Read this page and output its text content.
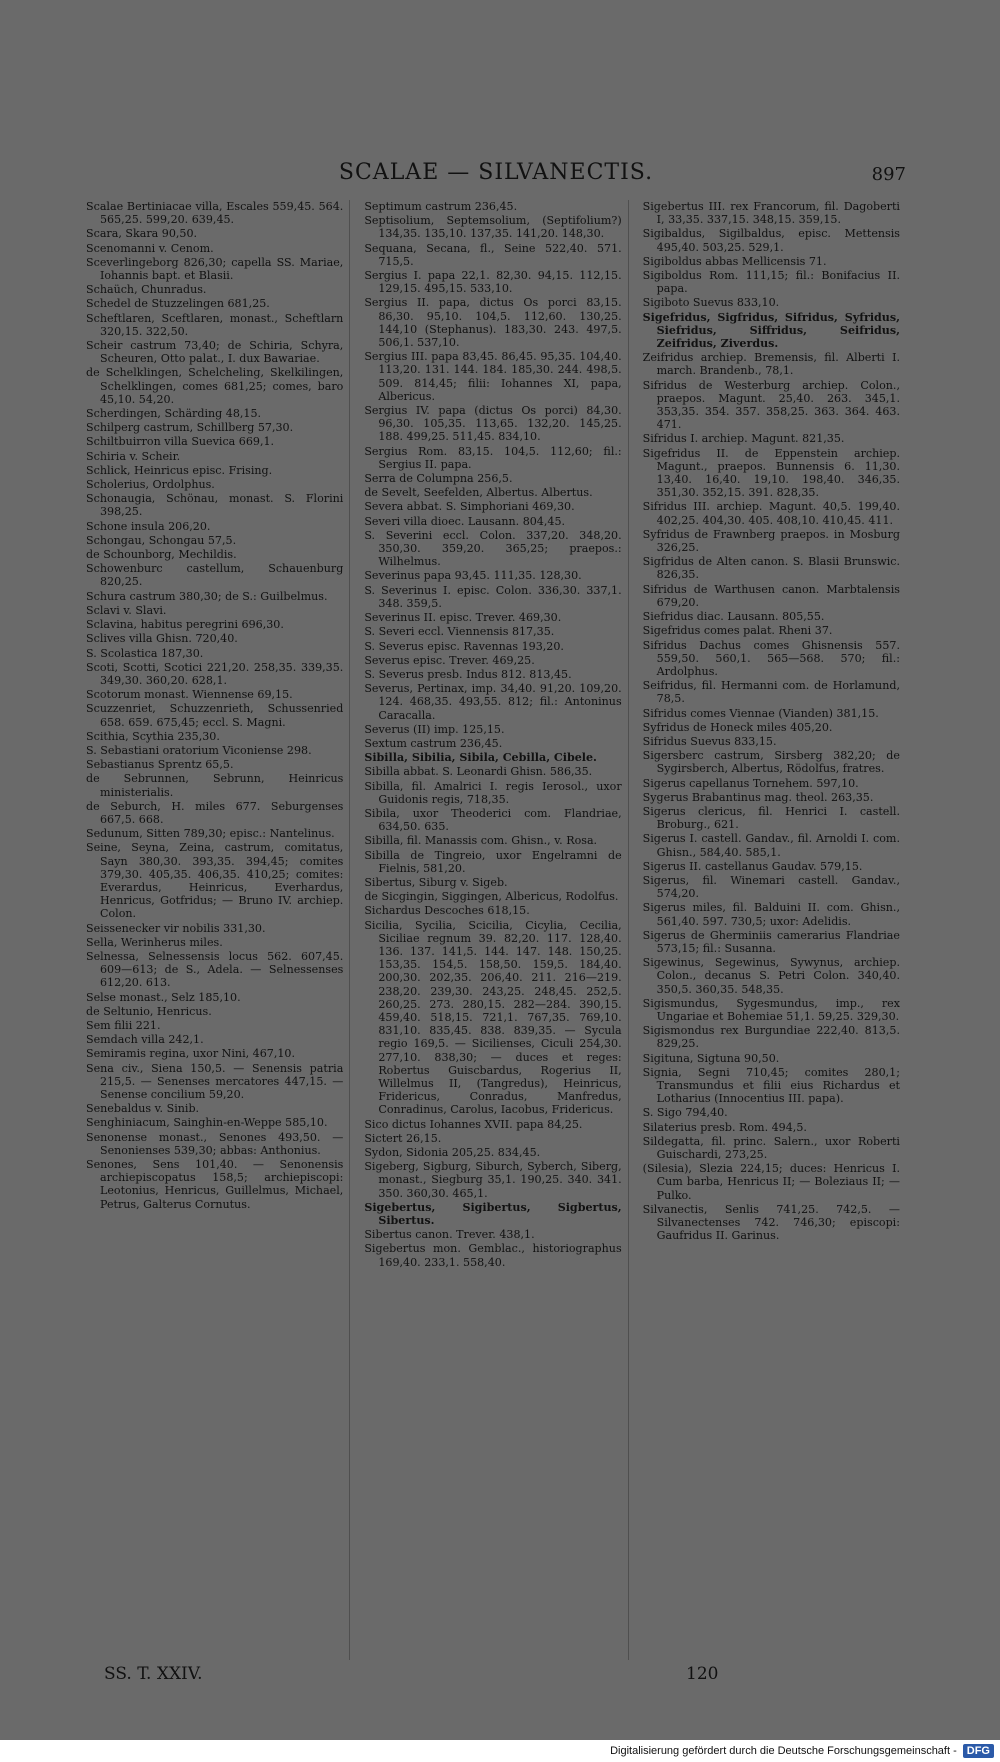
SCALAE — SILVANECTIS.	897

Scalae Bertiniacae villa, Escales 559,45. 564. 565,25. 599,20. 639,45.

Scara, Skara 90,50.

Scenomanni v. Cenom.

Sceverlingeborg 826,30; capella SS. Mariae, Iohannis bapt. et Blasii.

Schaüch, Chunradus.

Schedel de Stuzzelingen 681,25.

Scheftlaren, Sceftlaren, monast., Scheftlarn 320,15. 322,50.

Scheir castrum 73,40; de Schiria, Schyra, Scheuren, Otto palat., I. dux Bawariae.

de Schelklingen, Schelcheling, Skelkilingen, Schelklingen, comes 681,25; comes, baro 45,10. 54,20.

Scherdingen, Schärding 48,15.

Schilperg castrum, Schillberg 57,30.

Schiltbuirron villa Suevica 669,1.

Schiria v. Scheir.

Schlick, Heinricus episc. Frising.

Scholerius, Ordolphus.

Schonaugia, Schönau, monast. S. Florini 398,25.

Schone insula 206,20.

Schongau, Schongau 57,5.

de Schounborg, Mechildis.

Schowenburc castellum, Schauenburg 820,25.

Schura castrum 380,30; de S.: Guilbelmus.

Sclavi v. Slavi.

Sclavina, habitus peregrini 696,30.

Sclives villa Ghisn. 720,40.

S. Scolastica 187,30.

Scoti, Scotti, Scotici 221,20. 258,35. 339,35. 349,30. 360,20. 628,1.

Scotorum monast. Wiennense 69,15.

Scuzzenriet, Schuzzenrieth, Schussenried 658. 659. 675,45; eccl. S. Magni.

Scithia, Scythia 235,30.

S. Sebastiani oratorium Viconiense 298.

Sebastianus Sprentz 65,5.

de Sebrunnen, Sebrunn, Heinricus ministerialis.

de Seburch, H. miles 677. Seburgenses 667,5. 668.

Sedunum, Sitten 789,30; episc.: Nantelinus.

Seine, Seyna, Zeina, castrum, comitatus, Sayn 380,30. 393,35. 394,45; comites 379,30. 405,35. 406,35. 410,25; comites: Everardus, Heinricus, Everhardus, Henricus, Gotfridus; — Bruno IV. archiep. Colon.

Seissenecker vir nobilis 331,30.

Sella, Werinherus miles.

Selnessa, Selnessensis locus 562. 607,45. 609—613; de S., Adela. — Selnessenses 612,20. 613.

Selse monast., Selz 185,10.

de Seltunio, Henricus.

Sem filii 221.

Semdach villa 242,1.

Semiramis regina, uxor Nini, 467,10.

Sena civ., Siena 150,5. — Senensis patria 215,5. — Senenses mercatores 447,15. — Senense concilium 59,20.

Senebaldus v. Sinib.

Senghiniacum, Sainghin-en-Weppe 585,10.

Senonense monast., Senones 493,50. — Senonienses 539,30; abbas: Anthonius.

Senones, Sens 101,40. — Senonensis archiepiscopatus 158,5; archiepiscopi: Leotonius, Henricus, Guillelmus, Michael, Petrus, Galterus Cornutus.

Septimum castrum 236,45.

Septisolium, Septemsolium, (Septifolium?) 134,35. 135,10. 137,35. 141,20. 148,30.

Sequana, Secana, fl., Seine 522,40. 571. 715,5.

Sergius I. papa 22,1. 82,30. 94,15. 112,15. 129,15. 495,15. 533,10.

Sergius II. papa, dictus Os porci 83,15. 86,30. 95,10. 104,5. 112,60. 130,25. 144,10 (Stephanus). 183,30. 243. 497,5. 506,1. 537,10.

Sergius III. papa 83,45. 86,45. 95,35. 104,40. 113,20. 131. 144. 184. 185,30. 244. 498,5. 509. 814,45; filii: Iohannes XI, papa, Albericus.

Sergius IV. papa (dictus Os porci) 84,30. 96,30. 105,35. 113,65. 132,20. 145,25. 188. 499,25. 511,45. 834,10.

Sergius Rom. 83,15. 104,5. 112,60; fil.: Sergius II. papa.

Serra de Columpna 256,5.

de Sevelt, Seefelden, Albertus. Albertus.

Severa abbat. S. Simphoriani 469,30.

Severi villa dioec. Lausann. 804,45.

S. Severini eccl. Colon. 337,20. 348,20. 350,30. 359,20. 365,25; praepos.: Wilhelmus.

Severinus papa 93,45. 111,35. 128,30.

S. Severinus I. episc. Colon. 336,30. 337,1. 348. 359,5.

Severinus II. episc. Trever. 469,30.

S. Severi eccl. Viennensis 817,35.

S. Severus episc. Ravennas 193,20.

Severus episc. Trever. 469,25.

S. Severus presb. Indus 812. 813,45.

Severus, Pertinax, imp. 34,40. 91,20. 109,20. 124. 468,35. 493,55. 812; fil.: Antoninus Caracalla.

Severus (II) imp. 125,15.

Sextum castrum 236,45.

Sibilla, Sibilia, Sibila, Cebilla, Cibele.

Sibilla abbat. S. Leonardi Ghisn. 586,35.

Sibilla, fil. Amalrici I. regis Ierosol., uxor Guidonis regis, 718,35.

Sibila, uxor Theoderici com. Flandriae, 634,50. 635.

Sibilla, fil. Manassis com. Ghisn., v. Rosa.

Sibilla de Tingreio, uxor Engelramni de Fielnis, 581,20.

Sibertus, Siburg v. Sigeb.

de Sicgingin, Siggingen, Albericus, Rodolfus.

Sichardus Descoches 618,15.

Sicilia, Sycilia, Scicilia, Cicylia, Cecilia, Siciliae regnum 39. 82,20. 117. 128,40. 136. 137. 141,5. 144. 147. 148. 150,25. 153,35. 154,5. 158,50. 159,5. 184,40. 200,30. 202,35. 206,40. 211. 216—219. 238,20. 239,30. 243,25. 248,45. 252,5. 260,25. 273. 280,15. 282—284. 390,15. 459,40. 518,15. 721,1. 767,35. 769,10. 831,10. 835,45. 838. 839,35. — Sycula regio 169,5. — Sicilienses, Ciculi 254,30. 277,10. 838,30; — duces et reges: Robertus Guiscbardus, Rogerius II, Willelmus II, (Tangredus), Heinricus, Fridericus, Conradus, Manfredus, Conradinus, Carolus, Iacobus, Fridericus.

Sico dictus Iohannes XVII. papa 84,25.

Sictert 26,15.

Sydon, Sidonia 205,25. 834,45.

Sigeberg, Sigburg, Siburch, Syberch, Siberg, monast., Siegburg 35,1. 190,25. 340. 341. 350. 360,30. 465,1.

Sigebertus, Sigibertus, Sigbertus, Sibertus.

Sibertus canon. Trever. 438,1.

Sigebertus mon. Gemblac., historiographus 169,40. 233,1. 558,40.

Sigebertus III. rex Francorum, fil. Dagoberti I, 33,35. 337,15. 348,15. 359,15.

Sigibaldus, Sigilbaldus, episc. Mettensis 495,40. 503,25. 529,1.

Sigiboldus abbas Mellicensis 71.

Sigiboldus Rom. 111,15; fil.: Bonifacius II. papa.

Sigiboto Suevus 833,10.

Sigefridus, Sigfridus, Sifridus, Syfridus, Siefridus, Siffridus, Seifridus, Zeifridus, Ziverdus.

Zeifridus archiep. Bremensis, fil. Alberti I. march. Brandenb., 78,1.

Sifridus de Westerburg archiep. Colon., praepos. Magunt. 25,40. 263. 345,1. 353,35. 354. 357. 358,25. 363. 364. 463. 471.

Sifridus I. archiep. Magunt. 821,35.

Sigefridus II. de Eppenstein archiep. Magunt., praepos. Bunnensis 6. 11,30. 13,40. 16,40. 19,10. 198,40. 346,35. 351,30. 352,15. 391. 828,35.

Sifridus III. archiep. Magunt. 40,5. 199,40. 402,25. 404,30. 405. 408,10. 410,45. 411.

Syfridus de Frawnberg praepos. in Mosburg 326,25.

Sigfridus de Alten canon. S. Blasii Brunswic. 826,35.

Sifridus de Warthusen canon. Marbtalensis 679,20.

Siefridus diac. Lausann. 805,55.

Sigefridus comes palat. Rheni 37.

Sifridus Dachus comes Ghisnensis 557. 559,50. 560,1. 565—568. 570; fil.: Ardolphus.

Seifridus, fil. Hermanni com. de Horlamund, 78,5.

Sifridus comes Viennae (Vianden) 381,15.

Syfridus de Honeck miles 405,20.

Sifridus Suevus 833,15.

Sigersberc castrum, Sirsberg 382,20; de Sygirsberch, Albertus, Rödolfus, fratres.

Sigerus capellanus Tornehem. 597,10.

Sygerus Brabantinus mag. theol. 263,35.

Sigerus clericus, fil. Henrici I. castell. Broburg., 621.

Sigerus I. castell. Gandav., fil. Arnoldi I. com. Ghisn., 584,40. 585,1.

Sigerus II. castellanus Gaudav. 579,15.

Sigerus, fil. Winemari castell. Gandav., 574,20.

Sigerus miles, fil. Balduini II. com. Ghisn., 561,40. 597. 730,5; uxor: Adelidis.

Sigerus de Gherminiis camerarius Flandriae 573,15; fil.: Susanna.

Sigewinus, Segewinus, Sywynus, archiep. Colon., decanus S. Petri Colon. 340,40. 350,5. 360,35. 548,35.

Sigismundus, Sygesmundus, imp., rex Ungariae et Bohemiae 51,1. 59,25. 329,30.

Sigismondus rex Burgundiae 222,40. 813,5. 829,25.

Sigituna, Sigtuna 90,50.

Signia, Segni 710,45; comites 280,1; Transmundus et filii eius Richardus et Lotharius (Innocentius III. papa).

S. Sigo 794,40.

Silaterius presb. Rom. 494,5.

Sildegatta, fil. princ. Salern., uxor Roberti Guischardi, 273,25.

(Silesia), Slezia 224,15; duces: Henricus I. Cum barba, Henricus II; — Boleziaus II; — Pulko.

Silvanectis, Senlis 741,25. 742,5. — Silvanectenses 742. 746,30; episcopi: Gaufridus II. Garinus.

SS. T. XXIV.	120
Digitalisierung gefördert durch die Deutsche Forschungsgemeinschaft - DFG
